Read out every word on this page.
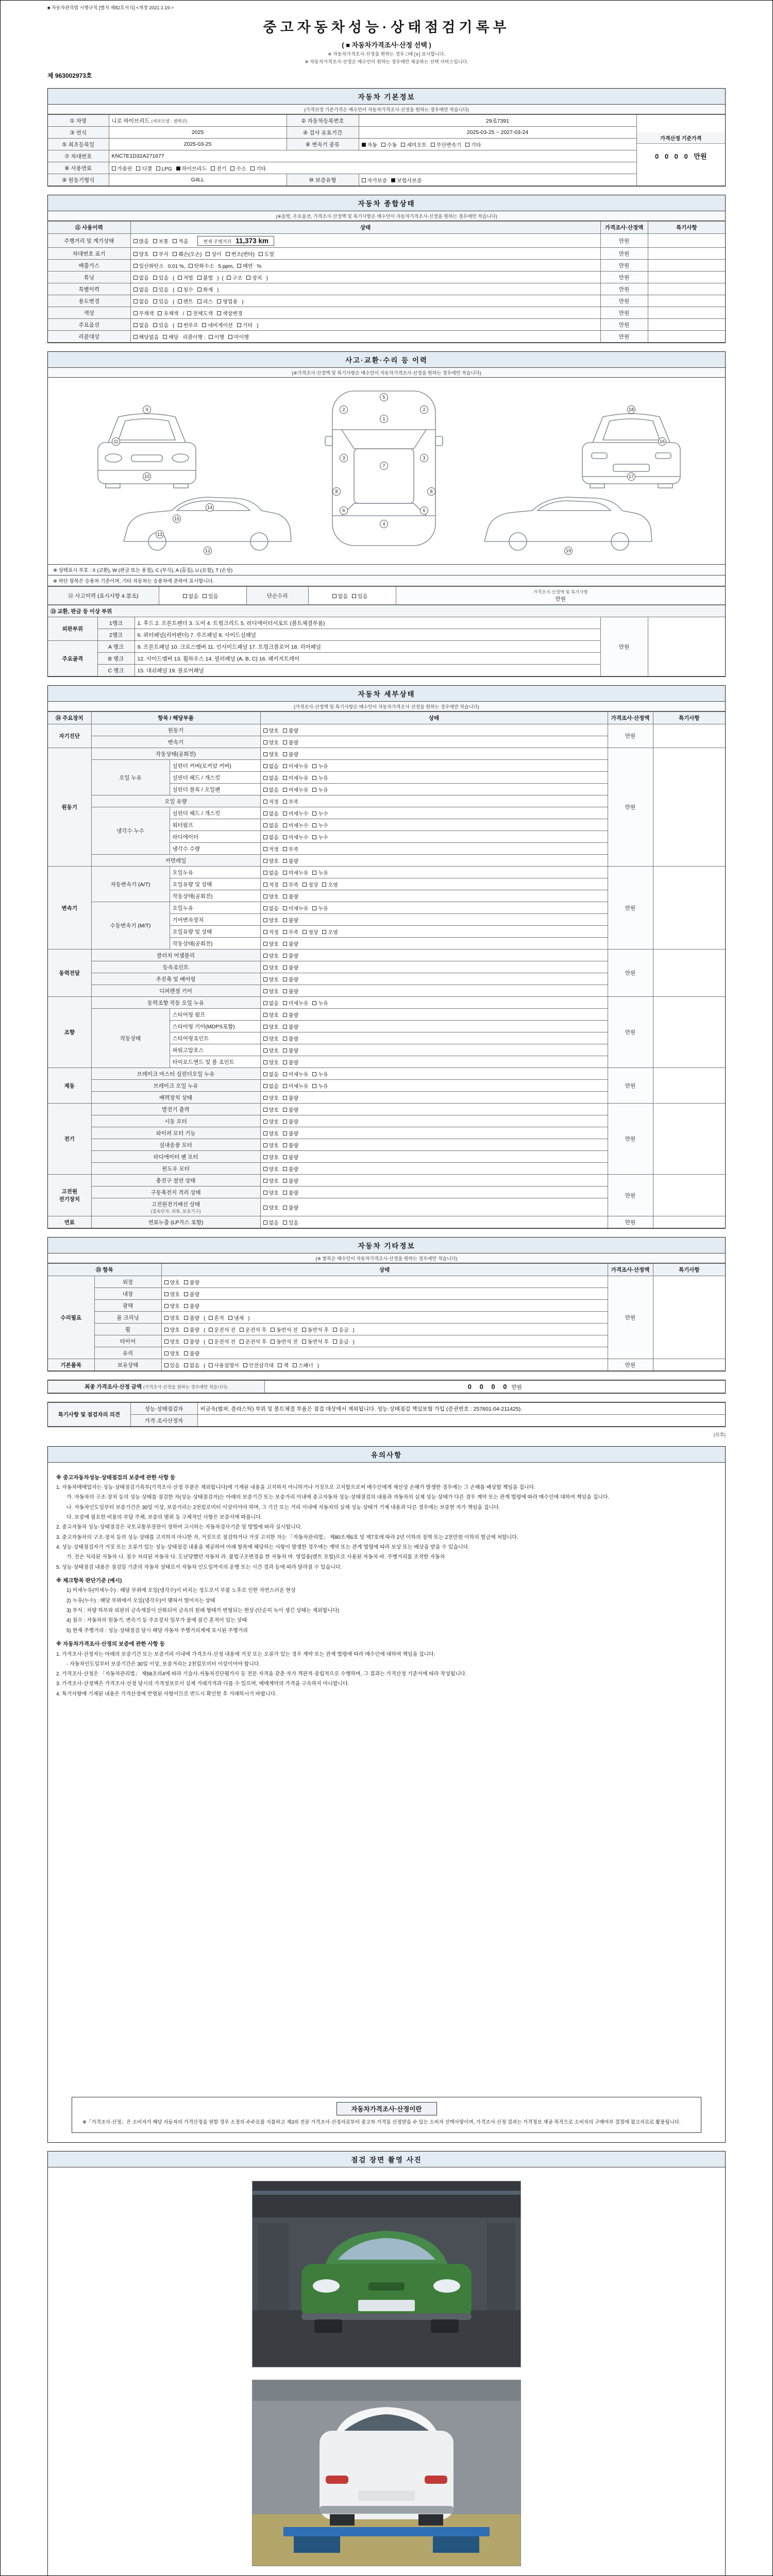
■ 자동차관리법 시행규칙 [별지 제82호서식] <개정 2021.1.19.>
중고자동차성능·상태점검기록부
( ■ 자동차가격조사·산정 선택 )
※ 자동차가격조사·산정을 원하는 경우 □에 [∨] 표시합니다.
※ 자동차가격조사·산정은 매수인이 원하는 경우에만 제공하는 선택 서비스입니다.
제 963002973호
자동차 기본정보
(가격산정 기준가격은 매수인이 자동차가격조사·산정을 원하는 경우에만 적습니다)
① 차명	니로 하이브리드 (세부모델 : 셀렉션)	② 자동차등록번호	29조7391	가격산정 기준가격
0 0 0 0 만원

③ 연식	2025	④ 검사 유효기간	2025-03-25 ~ 2027-03-24	
⑤ 최초등록일	2025-03-25	⑥ 변속기 종류	자동 수동 세미오토 무단변속기 기타	
⑦ 차대번호	KNC7E1D32A271677			
⑧ 사용연료	가솔린 디젤 LPG 하이브리드 전기 수소 기타			
⑨ 원동기형식	G4LL	⑩ 보증유형	자가보증 보험사보증	
자동차 종합상태
(※음영, 주요옵션, 가격조사·산정액 및 특기사항은 매수인이 자동차가격조사·산정을 원하는 경우에만 적습니다)
⑪ 사용이력	상태	가격조사·산정액	특기사항
주행거리 및 계기상태	많음 보통 적음 현재 주행거리 11,373 km	만원	
차대번호 표기	양호 부식 훼손(오손) 상이 변조(변타) 도말	만원	
배출가스	일산화탄소 0.01 %, 탄화수소 5 ppm, 매연 %	만원	
튜닝	없음 있음 ( 적법 불법 ) ( 구조 장치 )	만원	
특별이력	없음 있음 ( 침수 화재 )	만원	
용도변경	없음 있음 ( 렌트 리스 영업용 )	만원	
색상	무채색 유채색 / 전체도색 색상변경	만원	
주요옵션	없음 있음 ( 썬루프 네비게이션 기타 )	만원	
리콜대상	해당없음 해당 리콜이행 : 이행 미이행	만원	
사고·교환·수리 등 이력
(※가격조사·산정액 및 특기사항은 매수인이 자동차가격조사·산정을 원하는 경우에만 적습니다)
5
1
2	2
3	3
7
8	8
6	6
4
9
10
11
18
17
16
14
15
13
12	19
※ 상태표시 부호 : X (교환), W (판금 또는 용접), C (부식), A (흠집), U (요철), T (손상)
※ 하단 항목은 승용차 기준이며, 기타 자동차는 승용차에 준하여 표시합니다.
⑫ 사고이력 (표시사항 4.참조)	없음 있음	단순수리	없음 있음	
가격조사·산정액 및 특기사항
만원
⑬ 교환, 판금 등 이상 부위				
외판부위	1랭크	1. 후드 2. 프론트펜더 3. 도어 4. 트렁크리드 5. 라디에이터서포트 (볼트체결부품)	만원	
	2랭크	6. 쿼터패널(리어펜더) 7. 루프패널 8. 사이드실패널		
주요골격	A 랭크	9. 프론트패널 10. 크로스멤버 11. 인사이드패널 17. 트렁크플로어 18. 리어패널		
	B 랭크	12. 사이드멤버 13. 휠하우스 14. 필러패널 (A, B, C) 16. 패키지트레이		
	C 랭크	15. 대쉬패널 19. 플로어패널		
자동차 세부상태
(가격조사·산정액 및 특기사항은 매수인이 자동차가격조사·산정을 원하는 경우에만 적습니다)
⑭ 주요장치	항목 / 해당부품		상태	가격조사·산정액	특기사항
자기진단	원동기		양호 불량	만원	
	변속기		양호 불량		
원동기	작동상태(공회전)		양호 불량	만원	
	오일 누유	실린더 커버(로커암 커버)	없음 미세누유 누유		
		실린더 헤드 / 개스킷	없음 미세누유 누유		
		실린더 블록 / 오일팬	없음 미세누유 누유		
	오일 유량		적정 부족		
	냉각수 누수	실린더 헤드 / 개스킷	없음 미세누수 누수		
		워터펌프	없음 미세누수 누수		
		라디에이터	없음 미세누수 누수		
		냉각수 수량	적정 부족		
	커먼레일		양호 불량		
변속기	자동변속기 (A/T)	오일누유	없음 미세누유 누유	만원	
		오일유량 및 상태	적정 부족 정상 오염		
		작동상태(공회전)	양호 불량		
	수동변속기 (M/T)	오일누유	없음 미세누유 누유		
		기어변속장치	양호 불량		
		오일유량 및 상태	적정 부족 정상 오염		
		작동상태(공회전)	양호 불량		
동력전달	클러치 어셈블리		양호 불량	만원	
	등속조인트		양호 불량		
	추진축 및 베어링		양호 불량		
	디퍼렌셜 기어		양호 불량		
조향	동력조향 작동 오일 누유		없음 미세누유 누유	만원	
	작동상태	스티어링 펌프	양호 불량		
		스티어링 기어(MDPS포함)	양호 불량		
		스티어링조인트	양호 불량		
		파워고압호스	양호 불량		
		타이로드엔드 및 볼 조인트	양호 불량		
제동	브레이크 마스터 실린더오일 누유		없음 미세누유 누유	만원	
	브레이크 오일 누유		없음 미세누유 누유		
	배력장치 상태		양호 불량		
전기	발전기 출력		양호 불량	만원	
	시동 모터		양호 불량		
	와이퍼 모터 기능		양호 불량		
	실내송풍 모터		양호 불량		
	라디에이터 팬 모터		양호 불량		
	윈도우 모터		양호 불량		
고전원 전기장치	충전구 절연 상태		양호 불량	만원	
	구동축전지 격리 상태		양호 불량		
	고전원전기배선 상태
(접속단자, 피복, 보호기구)		양호 불량		
연료	연료누출 (LP가스 포함)		없음 있음	만원	
자동차 기타정보
(※ 항목은 매수인이 자동차가격조사·산정을 원하는 경우에만 적습니다)
⑮ 항목		상태	가격조사·산정액	특기사항
수리필요	외장	양호 불량	만원	
	내장	양호 불량		
	광택	양호 불량		
	룸 크리닝	양호 불량 ( 흔적 냄새 )		
	휠	양호 불량 ( 운전석 전 운전석 후 동반석 전 동반석 후 응급 )		
	타이어	양호 불량 ( 운전석 전 운전석 후 동반석 전 동반석 후 응급 )		
	유리	양호 불량		
기본품목	보유상태	있음 없음 ( 사용설명서 안전삼각대 잭 스패너 )	만원	
최종 가격조사·산정 금액 (가격조사·산정을 원하는 경우에만 적습니다)	0 0 0 0 만원
특기사항 및 점검자의 의견	성능·상태점검자	비금속(범퍼, 플라스틱) 부위 및 볼트체결 부품은 점검 대상에서 제외됩니다. 성능·상태점검 책임보험 가입 (증권번호 : 257601-04-211425).
	가격·조사산정자	
(뒤쪽)
유의사항

※ 중고자동차성능·상태점검의 보증에 관한 사항 등

1. 자동차매매업자는 성능·상태점검기록부(가격조사·산정 부분은 제외합니다)에 기재된 내용을 고지하지 아니하거나 거짓으로 고지함으로써 매수인에게 재산상 손해가 발생한 경우에는 그 손해를 배상할 책임을 집니다.

가. 자동차의 구조·장치 등의 성능·상태를 점검한 자(성능·상태점검자)는 아래의 보증기간 또는 보증거리 이내에 중고자동차 성능·상태점검의 내용과 자동차의 실제 성능·상태가 다른 경우 계약 또는 관계 법령에 따라 매수인에 대하여 책임을 집니다.

나. 자동차인도일부터 보증기간은 30일 이상, 보증거리는 2천킬로미터 이상이어야 하며, 그 기간 또는 거리 이내에 자동차의 실제 성능·상태가 기재 내용과 다른 경우에는 보증한 자가 책임을 집니다.

다. 보증에 필요한 비용의 부담 주체, 보증의 범위 등 구체적인 사항은 보증서에 따릅니다.

2. 중고자동차 성능·상태점검은 국토교통부장관이 정하여 고시하는 자동차검사기준 및 방법에 따라 실시합니다.

3. 중고자동차의 구조·장치 등의 성능·상태를 고지하지 아니한 자, 거짓으로 점검하거나 거짓 고지한 자는 「자동차관리법」 제80조제6호 및 제7호에 따라 2년 이하의 징역 또는 2천만원 이하의 벌금에 처합니다.

4. 성능·상태점검자가 거짓 또는 오류가 있는 성능·상태점검 내용을 제공하여 아래 항목에 해당하는 사항이 발생한 경우에는 계약 또는 관계 법령에 따라 보상 또는 배상을 받을 수 있습니다.

가. 전손 처리된 자동차 나. 침수 처리된 자동차 다. 도난당했던 자동차 라. 불법구조변경을 한 자동차 마. 영업용(렌트 포함)으로 사용된 자동차 바. 주행거리를 조작한 자동차

5. 성능·상태점검 내용은 점검일 기준의 자동차 상태로서 자동차 인도일까지의 운행 또는 시간 경과 등에 따라 달라질 수 있습니다.

※ 체크항목 판단기준 (예시)

1) 미세누유(미세누수) : 해당 부위에 오일(냉각수)이 비치는 정도로서 부품 노후로 인한 자연스러운 현상

2) 누유(누수) : 해당 부위에서 오일(냉각수)이 맺혀서 떨어지는 상태

3) 부식 : 차량 하부와 외판의 금속재질이 산화되어 금속의 원래 형태가 변형되는 현상 (단순히 녹이 생긴 상태는 제외합니다)

4) 침수 : 자동차의 원동기, 변속기 등 주요장치 일부가 물에 잠긴 흔적이 있는 상태

5) 현재 주행거리 : 성능·상태점검 당시 해당 자동차 주행거리계에 표시된 주행거리

※ 자동차가격조사·산정의 보증에 관한 사항 등

1. 가격조사·산정자는 아래의 보증기간 또는 보증거리 이내에 가격조사·산정 내용에 거짓 또는 오류가 있는 경우 계약 또는 관계 법령에 따라 매수인에 대하여 책임을 집니다.

- 자동차인도일부터 보증기간은 30일 이상, 보증거리는 2천킬로미터 이상이어야 합니다.

2. 가격조사·산정은 「자동차관리법」 제58조의4에 따라 기술사·자동차진단평가사 등 전문 자격을 갖춘 자가 객관적·중립적으로 수행하며, 그 결과는 가격산정 기준서에 따라 작성됩니다.

3. 가격조사·산정액은 가격조사·산정 당시의 가격정보로서 실제 거래가격과 다를 수 있으며, 매매계약의 가격을 구속하지 아니합니다.

4. 특기사항에 기재된 내용은 가격산정에 반영된 사항이므로 반드시 확인한 후 거래하시기 바랍니다.

자동차가격조사·산정이란
※「가격조사·산정」은 소비자가 해당 자동차의 가격산정을 원할 경우 소정의 수수료를 지불하고 제3의 전문 가격조사·산정자로부터 중고차 가격을 산정받을 수 있는 소비자 선택사항이며, 가격조사·산정 결과는 가격정보 제공 목적으로 소비자의 구매여부 결정에 참고자료로 활용됩니다.
점검 장면 촬영 사진
